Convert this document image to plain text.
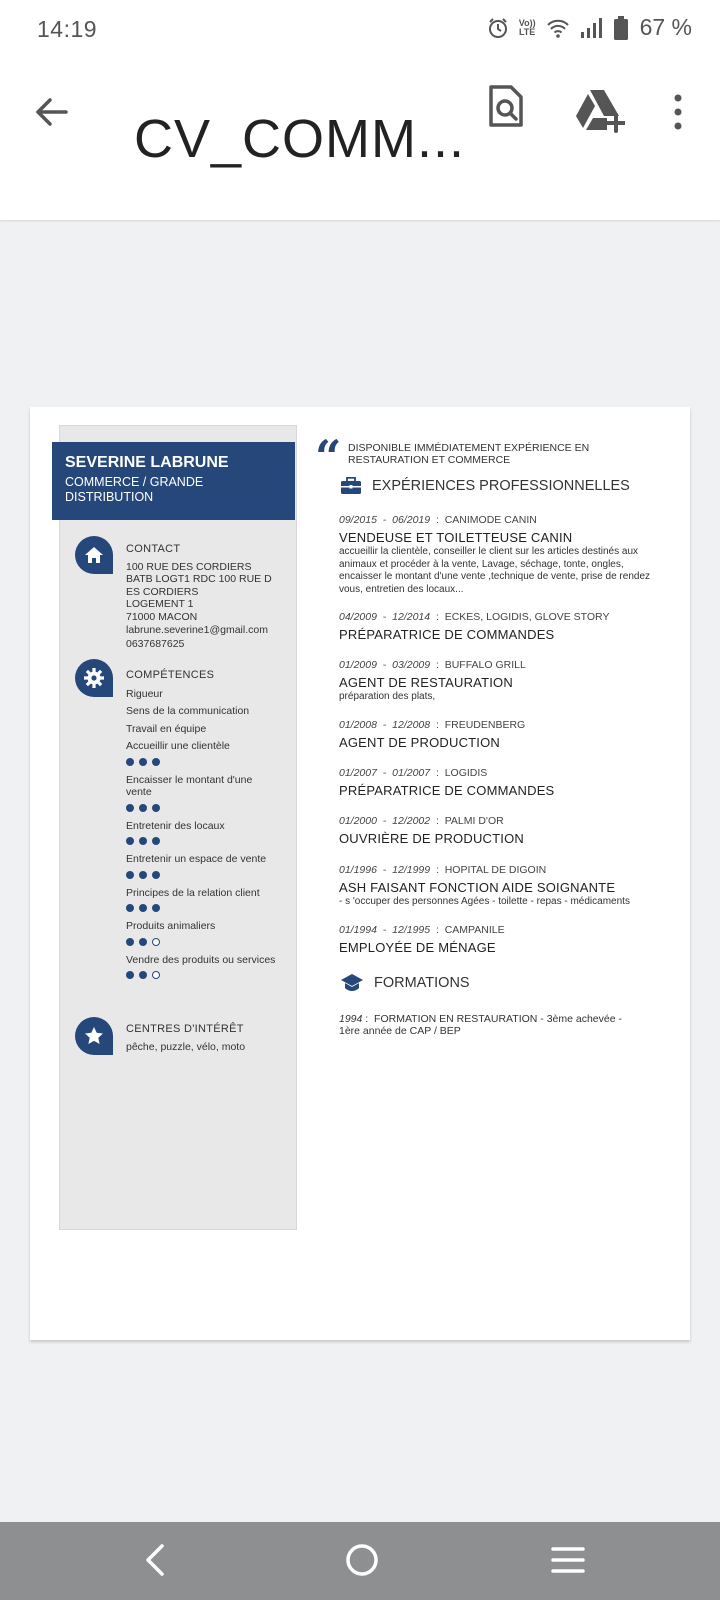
14:19	Vo))
LTE	67 %
CV_COMM...
SEVERINE LABRUNE
COMMERCE / GRANDE DISTRIBUTION
CONTACT
100 RUE DES CORDIERS
BATB LOGT1 RDC 100 RUE DES CORDIERS
LOGEMENT 1
71000 MACON
labrune.severine1@gmail.com
0637687625
COMPÉTENCES
Rigueur
Sens de la communication
Travail en équipe
Accueillir une clientèle
Encaisser le montant d'une vente
Entretenir des locaux
Entretenir un espace de vente
Principes de la relation client
Produits animaliers
Vendre des produits ou services
CENTRES D'INTÉRÊT
pêche, puzzle, vélo, moto
“ DISPONIBLE IMMÉDIATEMENT EXPÉRIENCE EN RESTAURATION ET COMMERCE
EXPÉRIENCES PROFESSIONNELLES
09/2015  -  06/2019  :  CANIMODE CANIN
VENDEUSE ET TOILETTEUSE CANIN
accueillir la clientèle, conseiller le client sur les articles destinés aux animaux et procéder à la vente, Lavage, séchage, tonte, ongles, encaisser le montant d'une vente ,technique de vente, prise de rendez vous, entretien des locaux...
04/2009  -  12/2014  :  ECKES, LOGIDIS, GLOVE STORY
PRÉPARATRICE DE COMMANDES
01/2009  -  03/2009  :  BUFFALO GRILL
AGENT DE RESTAURATION
préparation des plats,
01/2008  -  12/2008  :  FREUDENBERG
AGENT DE PRODUCTION
01/2007  -  01/2007  :  LOGIDIS
PRÉPARATRICE DE COMMANDES
01/2000  -  12/2002  :  PALMI D'OR
OUVRIÈRE DE PRODUCTION
01/1996  -  12/1999  :  HOPITAL DE DIGOIN
ASH FAISANT FONCTION AIDE SOIGNANTE
- s 'occuper des personnes Agées - toilette - repas - médicaments
01/1994  -  12/1995  :  CAMPANILE
EMPLOYÉE DE MÉNAGE
FORMATIONS
1994 :  FORMATION EN RESTAURATION - 3ème achevée - 1ère année de CAP / BEP
